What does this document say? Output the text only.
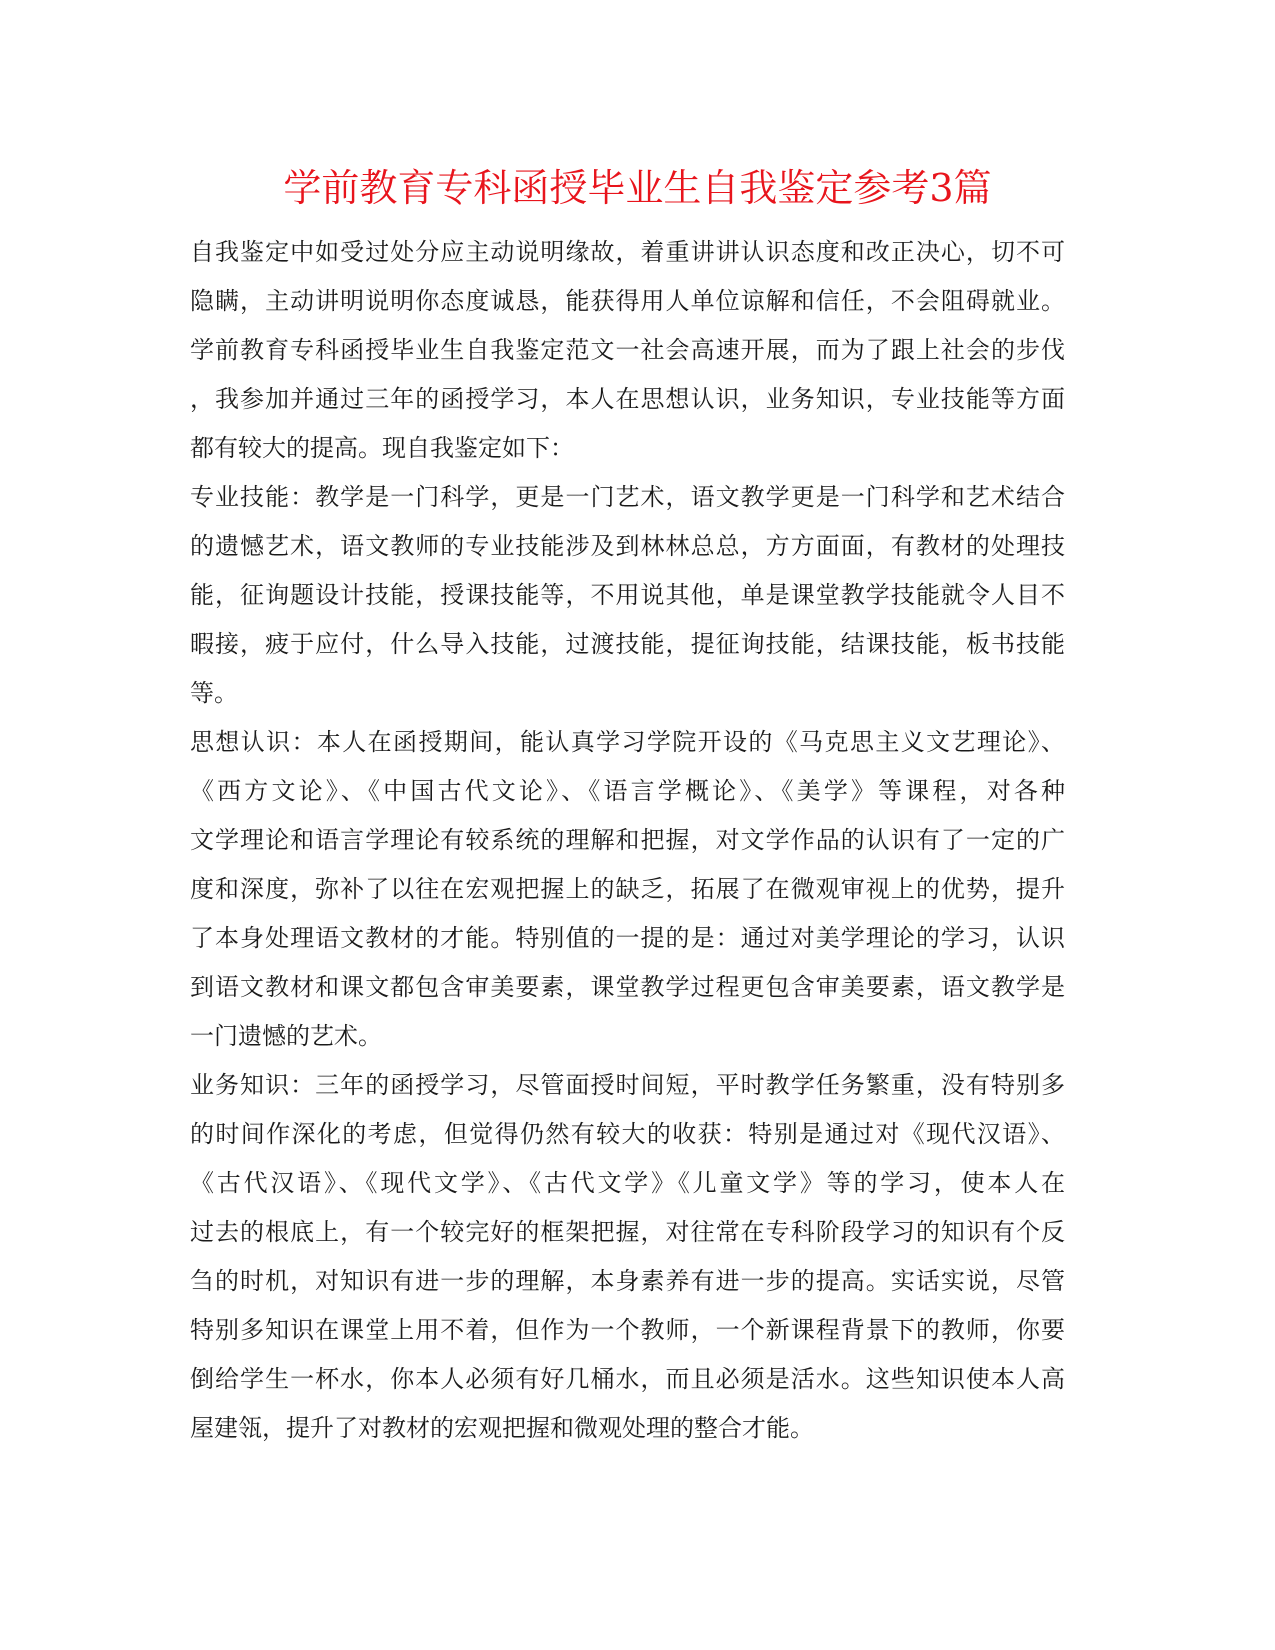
学前教育专科函授毕业生自我鉴定参考3篇
自我鉴定中如受过处分应主动说明缘故，着重讲讲认识态度和改正决心，切不可
隐瞒，主动讲明说明你态度诚恳，能获得用人单位谅解和信任，不会阻碍就业。
学前教育专科函授毕业生自我鉴定范文一社会高速开展，而为了跟上社会的步伐
，我参加并通过三年的函授学习，本人在思想认识，业务知识，专业技能等方面
都有较大的提高。现自我鉴定如下：
专业技能：教学是一门科学，更是一门艺术，语文教学更是一门科学和艺术结合
的遗憾艺术，语文教师的专业技能涉及到林林总总，方方面面，有教材的处理技
能，征询题设计技能，授课技能等，不用说其他，单是课堂教学技能就令人目不
暇接，疲于应付，什么导入技能，过渡技能，提征询技能，结课技能，板书技能
等。
思想认识：本人在函授期间，能认真学习学院开设的《马克思主义文艺理论》、
《西方文论》、《中国古代文论》、《语言学概论》、《美学》等课程，对各种
文学理论和语言学理论有较系统的理解和把握，对文学作品的认识有了一定的广
度和深度，弥补了以往在宏观把握上的缺乏，拓展了在微观审视上的优势，提升
了本身处理语文教材的才能。特别值的一提的是：通过对美学理论的学习，认识
到语文教材和课文都包含审美要素，课堂教学过程更包含审美要素，语文教学是
一门遗憾的艺术。
业务知识：三年的函授学习，尽管面授时间短，平时教学任务繁重，没有特别多
的时间作深化的考虑，但觉得仍然有较大的收获：特别是通过对《现代汉语》、
《古代汉语》、《现代文学》、《古代文学》《儿童文学》等的学习，使本人在
过去的根底上，有一个较完好的框架把握，对往常在专科阶段学习的知识有个反
刍的时机，对知识有进一步的理解，本身素养有进一步的提高。实话实说，尽管
特别多知识在课堂上用不着，但作为一个教师，一个新课程背景下的教师，你要
倒给学生一杯水，你本人必须有好几桶水，而且必须是活水。这些知识使本人高
屋建瓴，提升了对教材的宏观把握和微观处理的整合才能。
